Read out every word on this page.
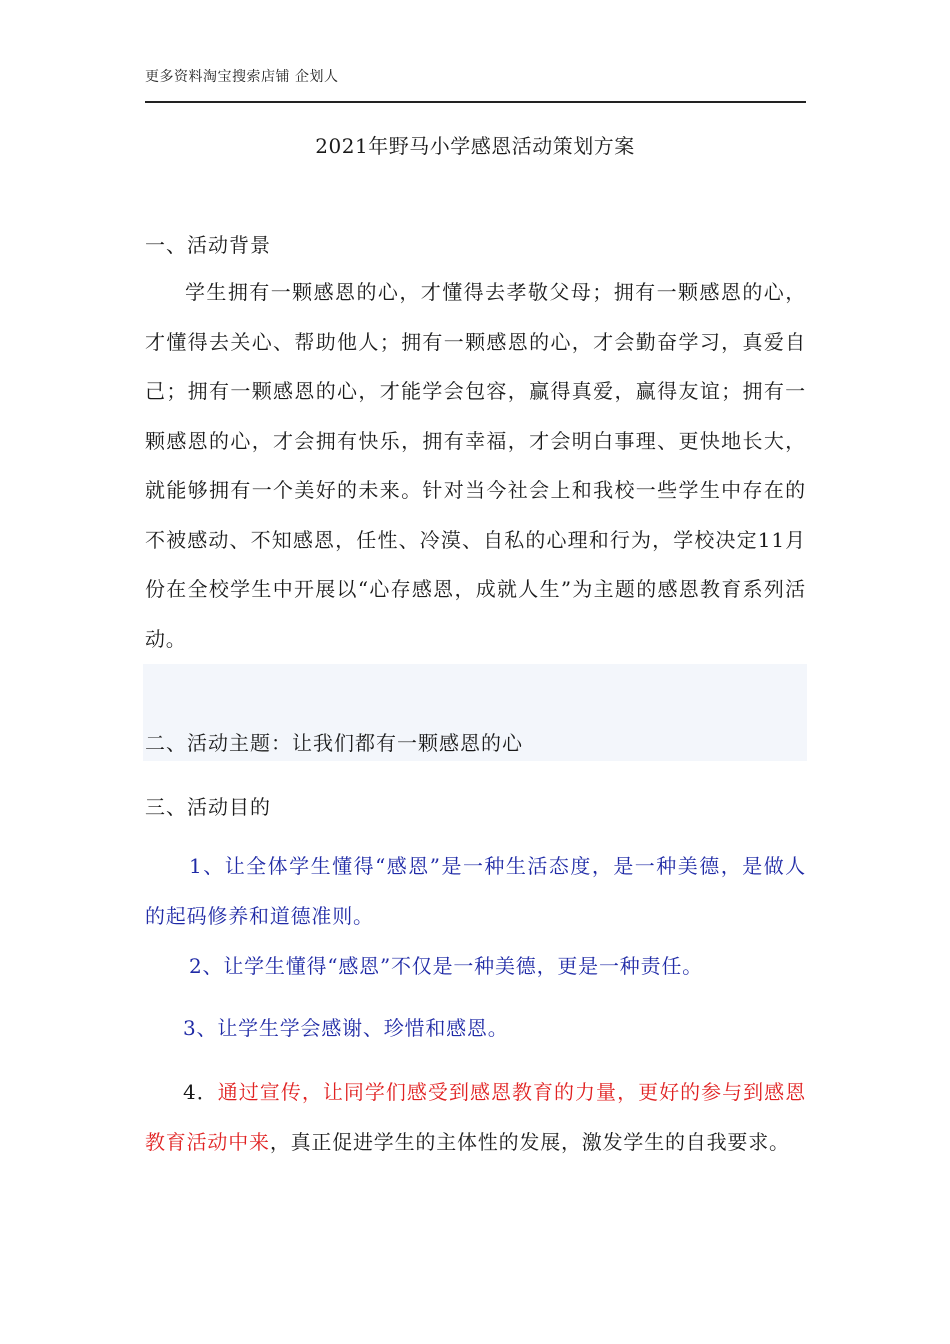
更多资料淘宝搜索店铺 企划人
2021年野马小学感恩活动策划方案
一、活动背景
学生拥有一颗感恩的心，才懂得去孝敬父母；拥有一颗感恩的心，才懂得去关心、帮助他人；拥有一颗感恩的心，才会勤奋学习，真爱自己；拥有一颗感恩的心，才能学会包容，赢得真爱，赢得友谊；拥有一颗感恩的心，才会拥有快乐，拥有幸福，才会明白事理、更快地长大，就能够拥有一个美好的未来。针对当今社会上和我校一些学生中存在的不被感动、不知感恩，任性、冷漠、自私的心理和行为，学校决定11月份在全校学生中开展以“心存感恩，成就人生”为主题的感恩教育系列活动。
二、活动主题：让我们都有一颗感恩的心
三、活动目的
1、让全体学生懂得“感恩”是一种生活态度，是一种美德，是做人的起码修养和道德准则。
2、让学生懂得“感恩”不仅是一种美德，更是一种责任。
3、让学生学会感谢、珍惜和感恩。
4．通过宣传，让同学们感受到感恩教育的力量，更好的参与到感恩教育活动中来，真正促进学生的主体性的发展，激发学生的自我要求。
